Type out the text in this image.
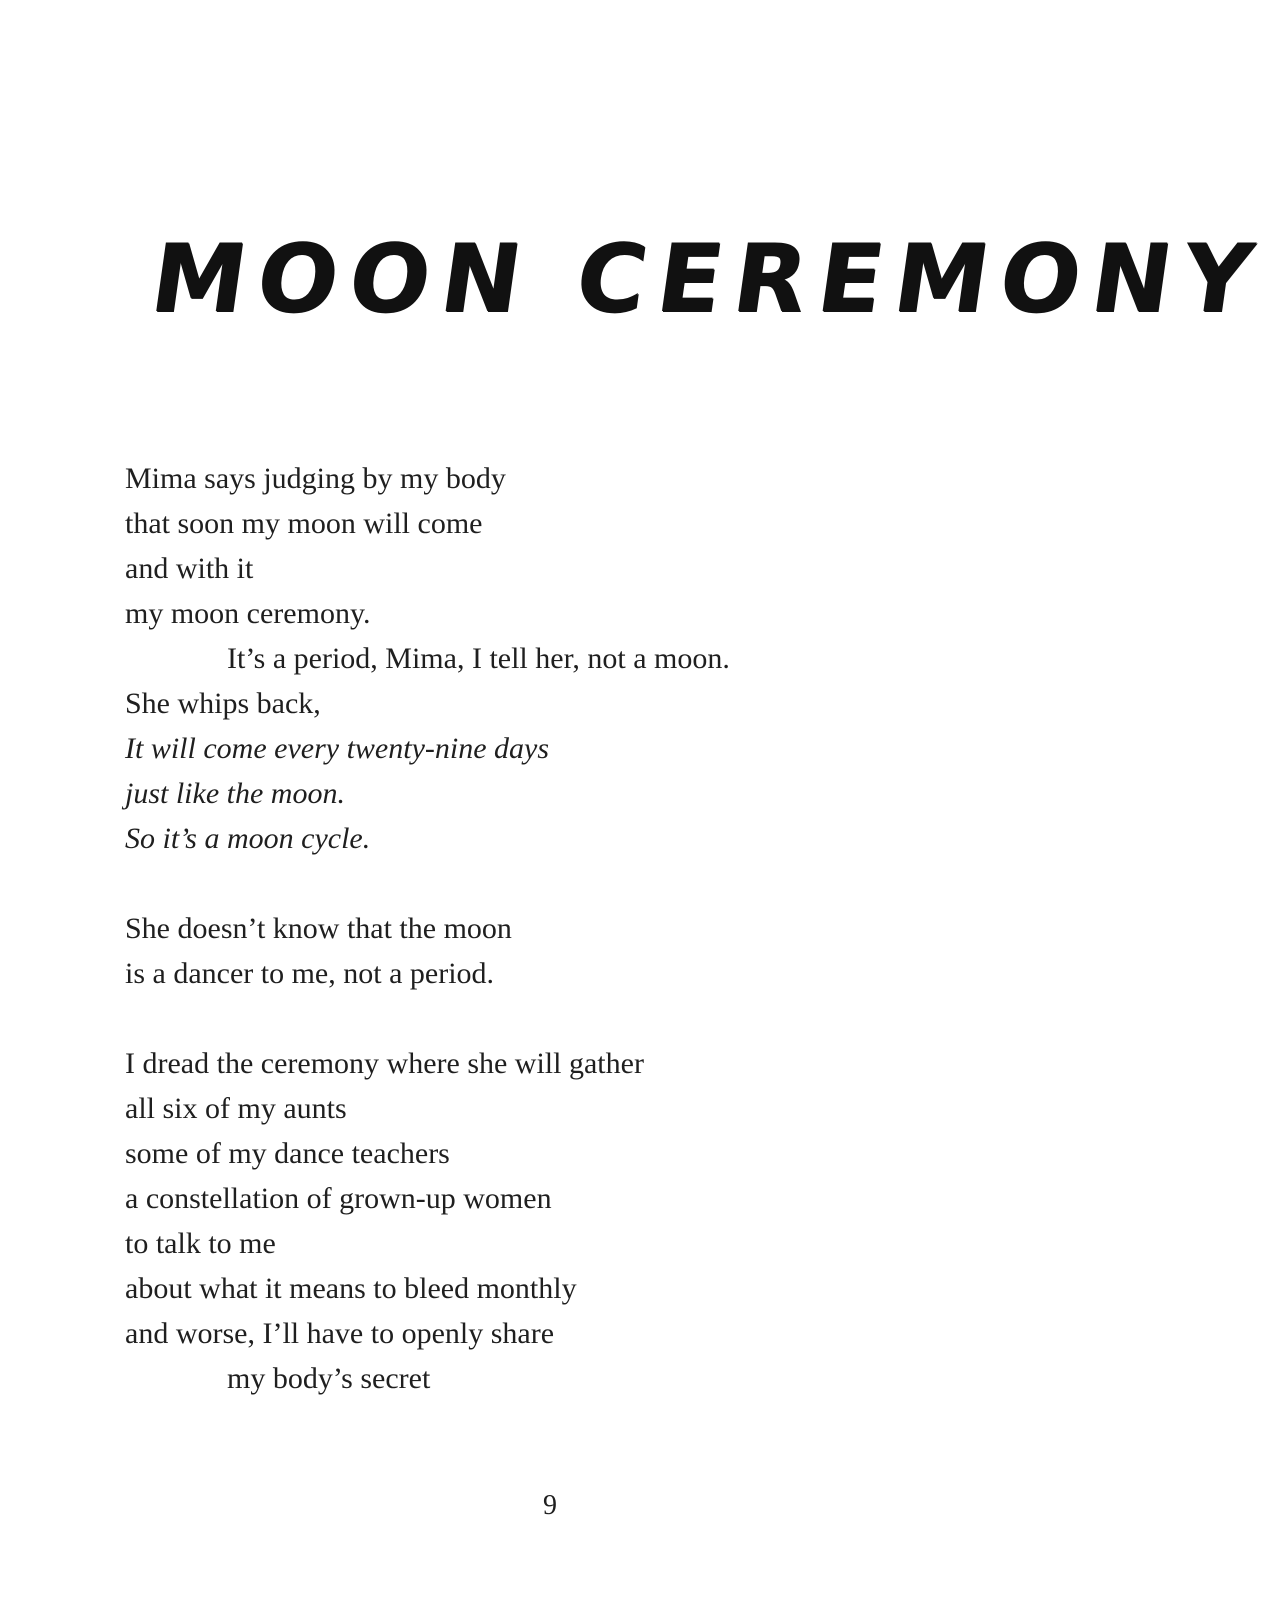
MOON CEREMONY
Mima says judging by my body
that soon my moon will come
and with it
my moon ceremony.
It’s a period, Mima, I tell her, not a moon.
She whips back,
It will come every twenty-nine days
just like the moon.
So it’s a moon cycle.
She doesn’t know that the moon
is a dancer to me, not a period.
I dread the ceremony where she will gather
all six of my aunts
some of my dance teachers
a constellation of grown-up women
to talk to me
about what it means to bleed monthly
and worse, I’ll have to openly share
my body’s secret
9
